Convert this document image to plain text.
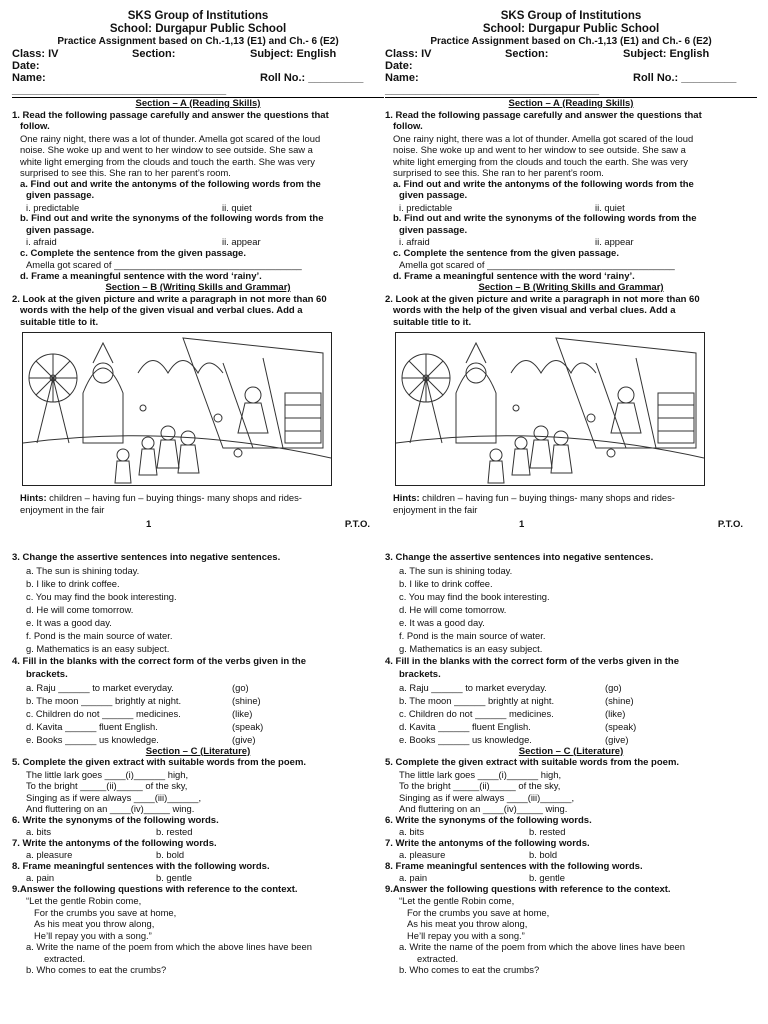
SKS Group of Institutions
School: Durgapur Public School
Practice Assignment based on Ch.-1,13 (E1) and Ch.- 6 (E2)
Class: IV	Section:	Subject: English
Date:
Name: ___________________________________
Roll No.: _________
Section – A (Reading Skills)
1. Read the following passage carefully and answer the questions that
follow.
One rainy night, there was a lot of thunder. Amella got scared of the loud
noise. She woke up and went to her window to see outside. She saw a
white light emerging from the clouds and touch the earth. She was very
surprised to see this. She ran to her parent’s room.
a. Find out and write the antonyms of the following words from the
given passage.
i. predictable	ii. quiet
b. Find out and write the synonyms of the following words from the
given passage.
i. afraid	ii. appear
c. Complete the sentence from the given passage.
Amella got scared of ____________________________________
d. Frame a meaningful sentence with the word ‘rainy’.
Section – B (Writing Skills and Grammar)
2. Look at the given picture and write a paragraph in not more than 60
words with the help of the given visual and verbal clues. Add a
suitable title to it.
Hints: children – having fun – buying things- many shops and rides-
enjoyment in the fair
1	P.T.O.
SKS Group of Institutions
School: Durgapur Public School
Practice Assignment based on Ch.-1,13 (E1) and Ch.- 6 (E2)
Class: IV	Section:	Subject: English
Date:
Name: ___________________________________
Roll No.: _________
Section – A (Reading Skills)
1. Read the following passage carefully and answer the questions that
follow.
One rainy night, there was a lot of thunder. Amella got scared of the loud
noise. She woke up and went to her window to see outside. She saw a
white light emerging from the clouds and touch the earth. She was very
surprised to see this. She ran to her parent’s room.
a. Find out and write the antonyms of the following words from the
given passage.
i. predictable	ii. quiet
b. Find out and write the synonyms of the following words from the
given passage.
i. afraid	ii. appear
c. Complete the sentence from the given passage.
Amella got scared of ____________________________________
d. Frame a meaningful sentence with the word ‘rainy’.
Section – B (Writing Skills and Grammar)
2. Look at the given picture and write a paragraph in not more than 60
words with the help of the given visual and verbal clues. Add a
suitable title to it.
Hints: children – having fun – buying things- many shops and rides-
enjoyment in the fair
1	P.T.O.
3. Change the assertive sentences into negative sentences.
a. The sun is shining today.
b. I like to drink coffee.
c. You may find the book interesting.
d. He will come tomorrow.
e. It was a good day.
f. Pond is the main source of water.
g. Mathematics is an easy subject.
4. Fill in the blanks with the correct form of the verbs given in the
brackets.
a. Raju ______ to market everyday.	(go)
b. The moon ______ brightly at night.	(shine)
c. Children do not ______ medicines.	(like)
d. Kavita ______ fluent English.	(speak)
e. Books ______ us knowledge.	(give)
Section – C (Literature)
5. Complete the given extract with suitable words from the poem.
The little lark goes ____(i)______ high,
To the bright _____(ii)_____ of the sky,
Singing as if were always ____(iii)______,
And fluttering on an ____(iv)_____ wing.
6. Write the synonyms of the following words.
a. bits	b. rested
7. Write the antonyms of the following words.
a. pleasure	b. bold
8. Frame meaningful sentences with the following words.
a. pain	b. gentle
9.Answer the following questions with reference to the context.
“Let the gentle Robin come,
For the crumbs you save at home,
As his meat you throw along,
He’ll repay you with a song.”
a. Write the name of the poem from which the above lines have been
extracted.
b. Who comes to eat the crumbs?
3. Change the assertive sentences into negative sentences.
a. The sun is shining today.
b. I like to drink coffee.
c. You may find the book interesting.
d. He will come tomorrow.
e. It was a good day.
f. Pond is the main source of water.
g. Mathematics is an easy subject.
4. Fill in the blanks with the correct form of the verbs given in the
brackets.
a. Raju ______ to market everyday.	(go)
b. The moon ______ brightly at night.	(shine)
c. Children do not ______ medicines.	(like)
d. Kavita ______ fluent English.	(speak)
e. Books ______ us knowledge.	(give)
Section – C (Literature)
5. Complete the given extract with suitable words from the poem.
The little lark goes ____(i)______ high,
To the bright _____(ii)_____ of the sky,
Singing as if were always ____(iii)______,
And fluttering on an ____(iv)_____ wing.
6. Write the synonyms of the following words.
a. bits	b. rested
7. Write the antonyms of the following words.
a. pleasure	b. bold
8. Frame meaningful sentences with the following words.
a. pain	b. gentle
9.Answer the following questions with reference to the context.
“Let the gentle Robin come,
For the crumbs you save at home,
As his meat you throw along,
He’ll repay you with a song.”
a. Write the name of the poem from which the above lines have been
extracted.
b. Who comes to eat the crumbs?
